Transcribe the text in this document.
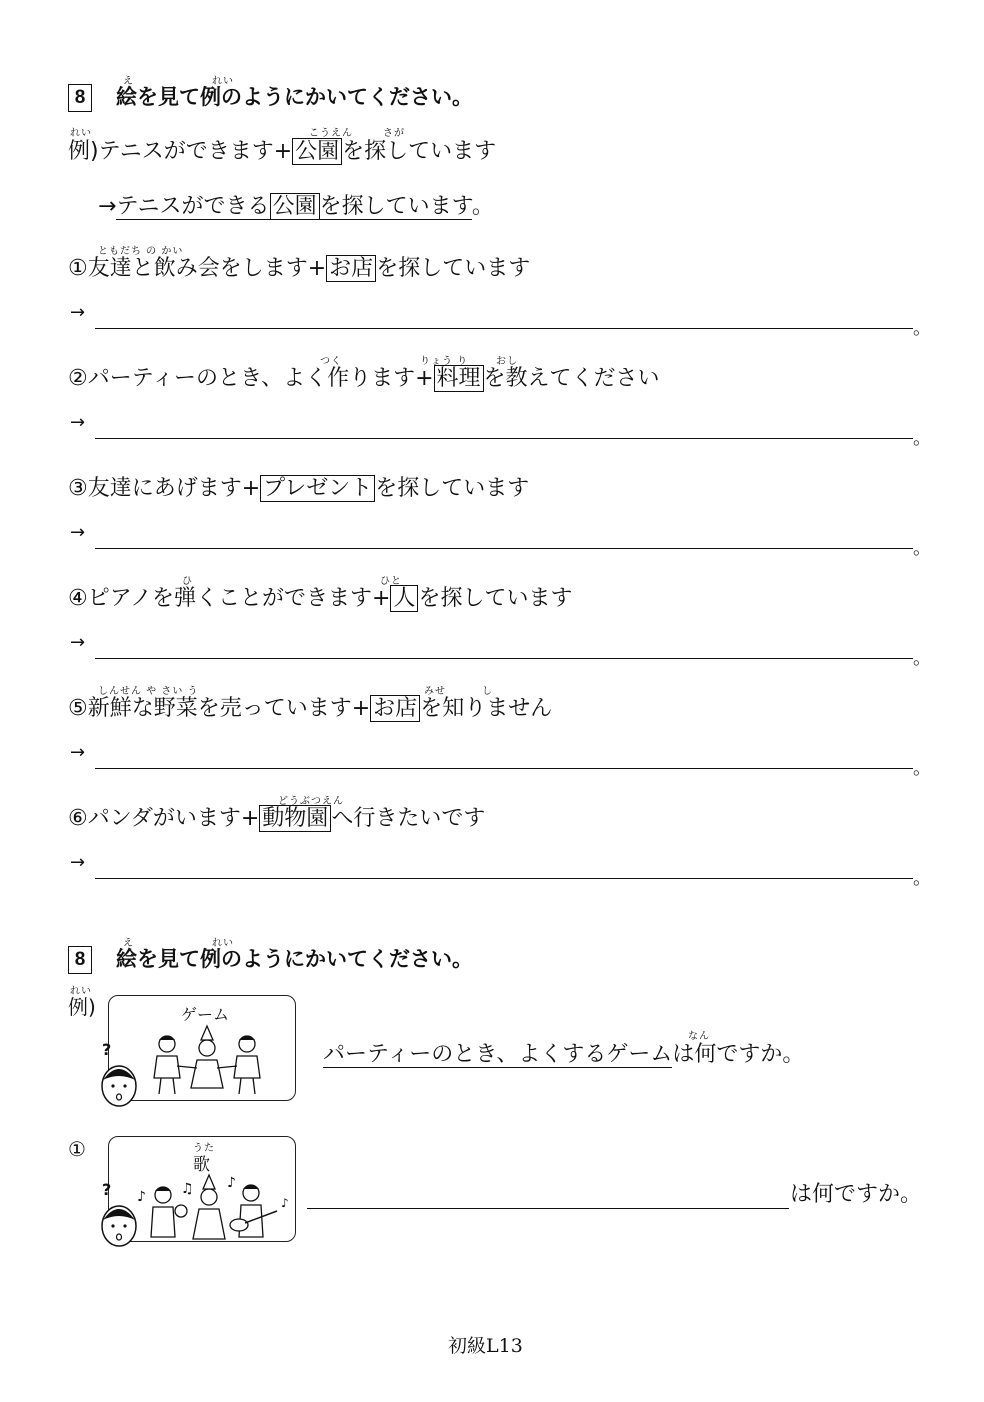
8
え	れい
絵を見て例のようにかいてください。
れい	こうえん	さが
例)テニスができます+ 公園 を探しています
→テニスができる 公園 を探しています。
ともだち の かい
①友達と飲み会をします+ お店 を探しています
→
。
つく	りょう り	おし
②パーティーのとき、よく作ります+ 料理 を教えてください
→
。
③友達にあげます+ プレゼント を探しています
→
。
ひ	ひと
④ピアノを弾くことができます+ 人 を探しています
→
。
しんせん や さい う	みせ	し
⑤新鮮な野菜を売っています+ お店 を知りません
→
。
どうぶつえん
⑥パンダがいます+ 動物園 へ行きたいです
→
。
8
え	れい
絵を見て例のようにかいてください。
れい
例)	ゲーム
?
なん
パーティーのとき、よくするゲームは何ですか。
①	うた
歌
♪	♫ ♪
♪
?	は何ですか。
初級L13
